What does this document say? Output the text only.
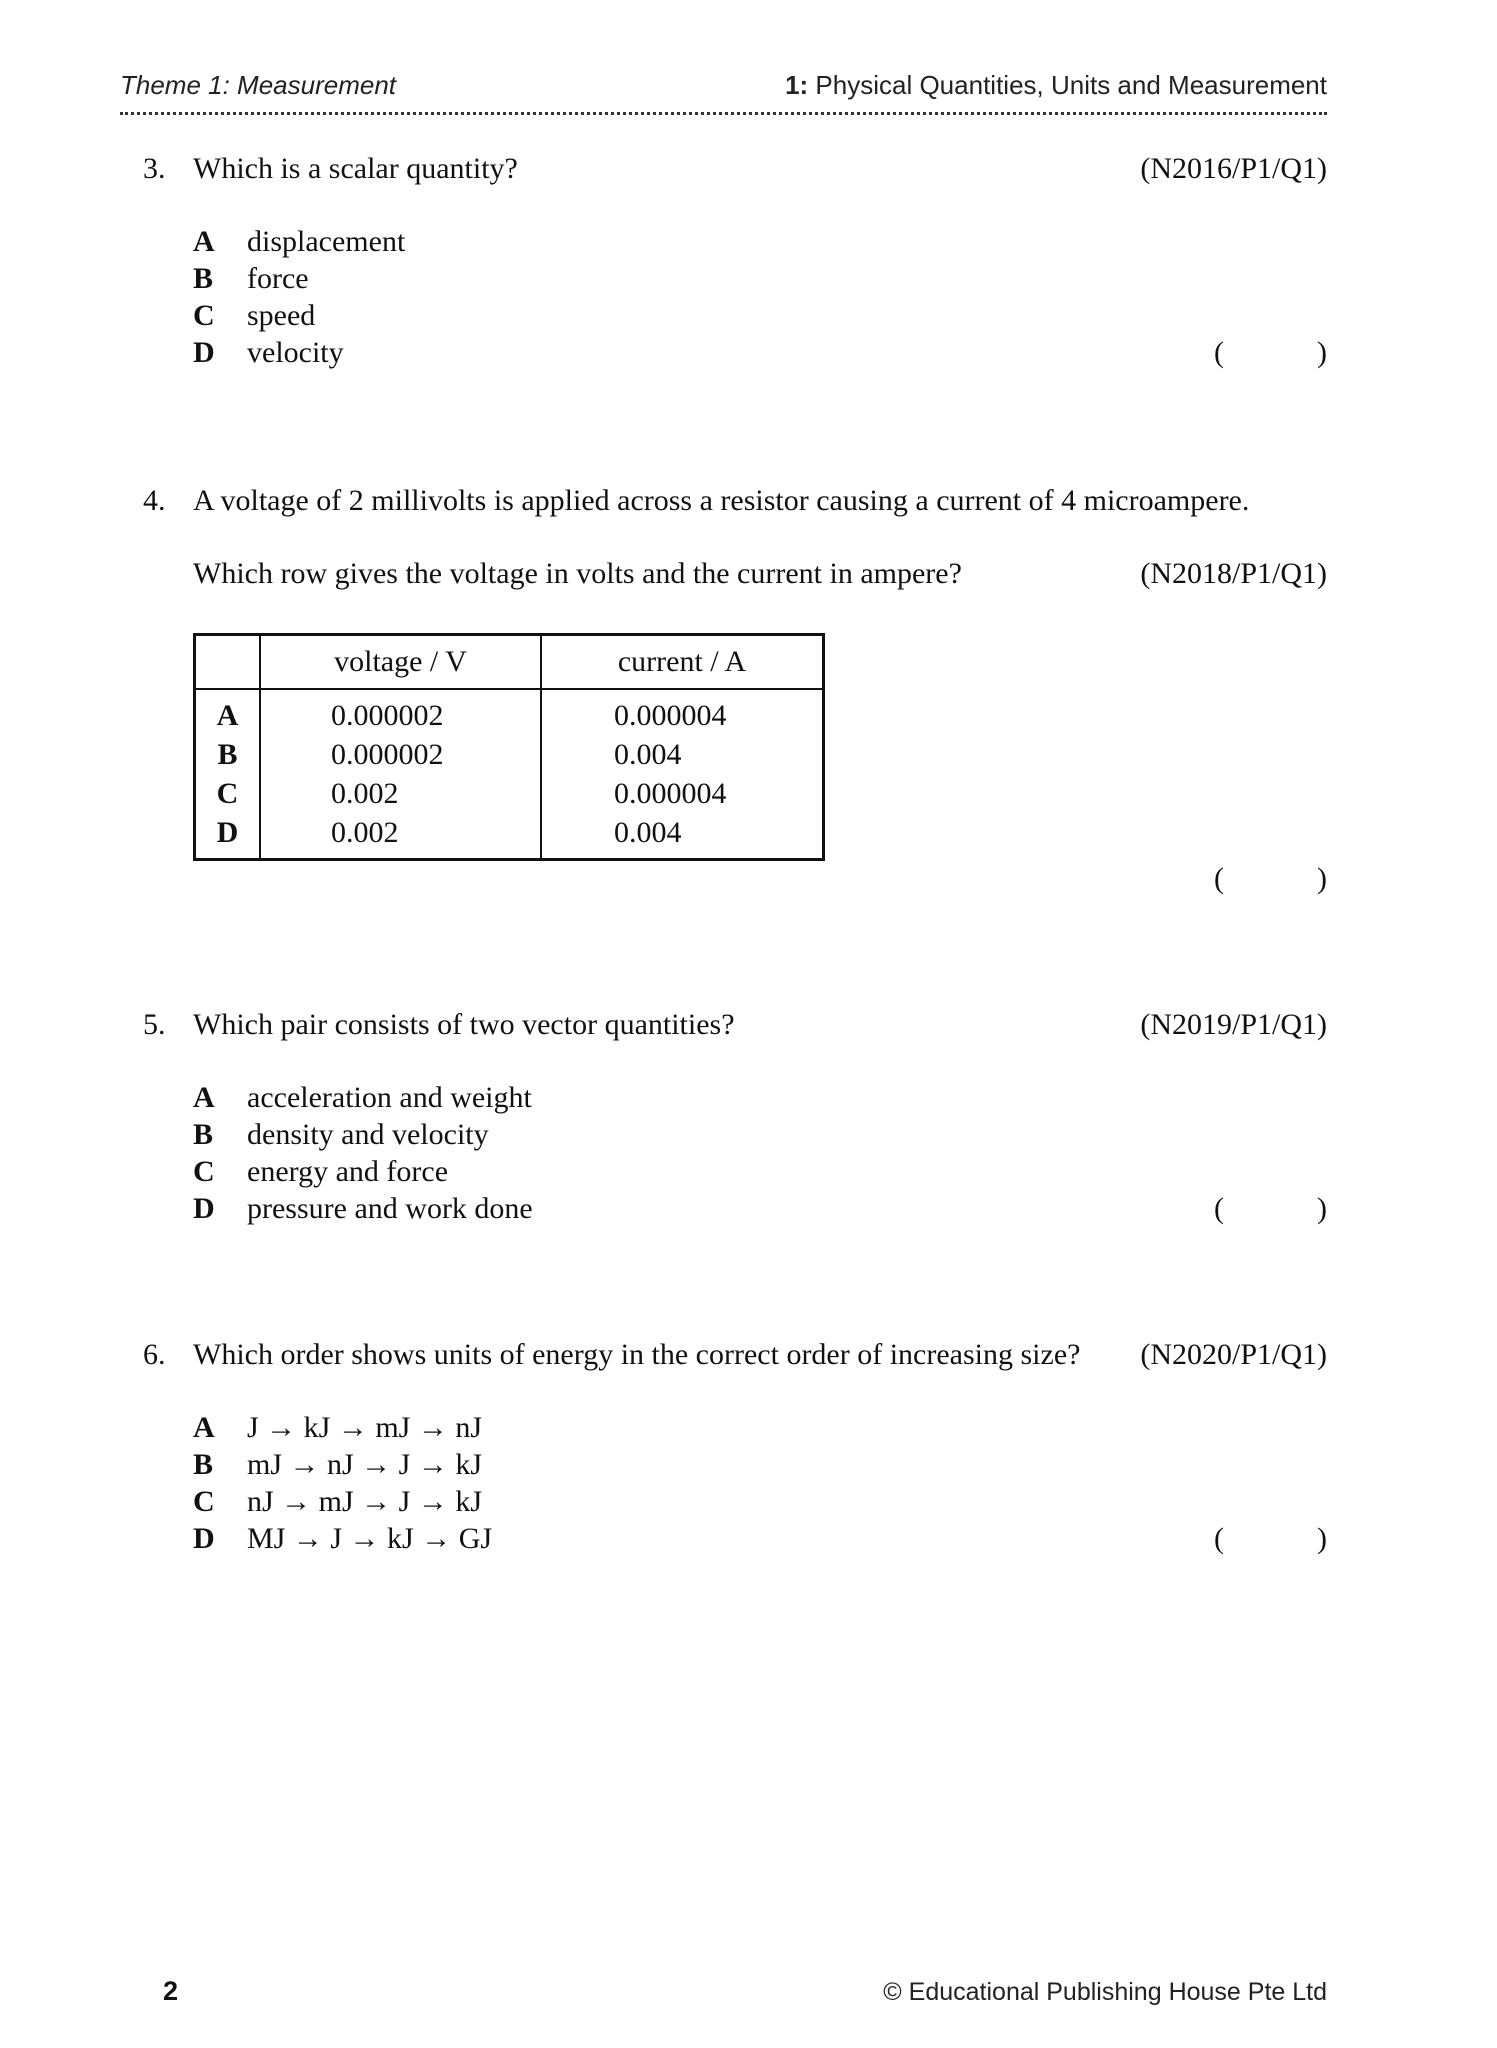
Theme 1: Measurement	1: Physical Quantities, Units and Measurement
3. Which is a scalar quantity?	(N2016/P1/Q1)
A displacement
B force
C speed
D velocity	(	)
4. A voltage of 2 millivolts is applied across a resistor causing a current of 4 microampere.
Which row gives the voltage in volts and the current in ampere?	(N2018/P1/Q1)
	voltage / V	current / A
A	0.000002	0.000004
B	0.000002	0.004
C	0.002	0.000004
D	0.002	0.004
(	)
5. Which pair consists of two vector quantities?	(N2019/P1/Q1)
A acceleration and weight
B density and velocity
C energy and force
D pressure and work done	(	)
6. Which order shows units of energy in the correct order of increasing size? (N2020/P1/Q1)
A J → kJ → mJ → nJ
B mJ → nJ → J → kJ
C nJ → mJ → J → kJ
D MJ → J → kJ → GJ	(	)
2	© Educational Publishing House Pte Ltd
